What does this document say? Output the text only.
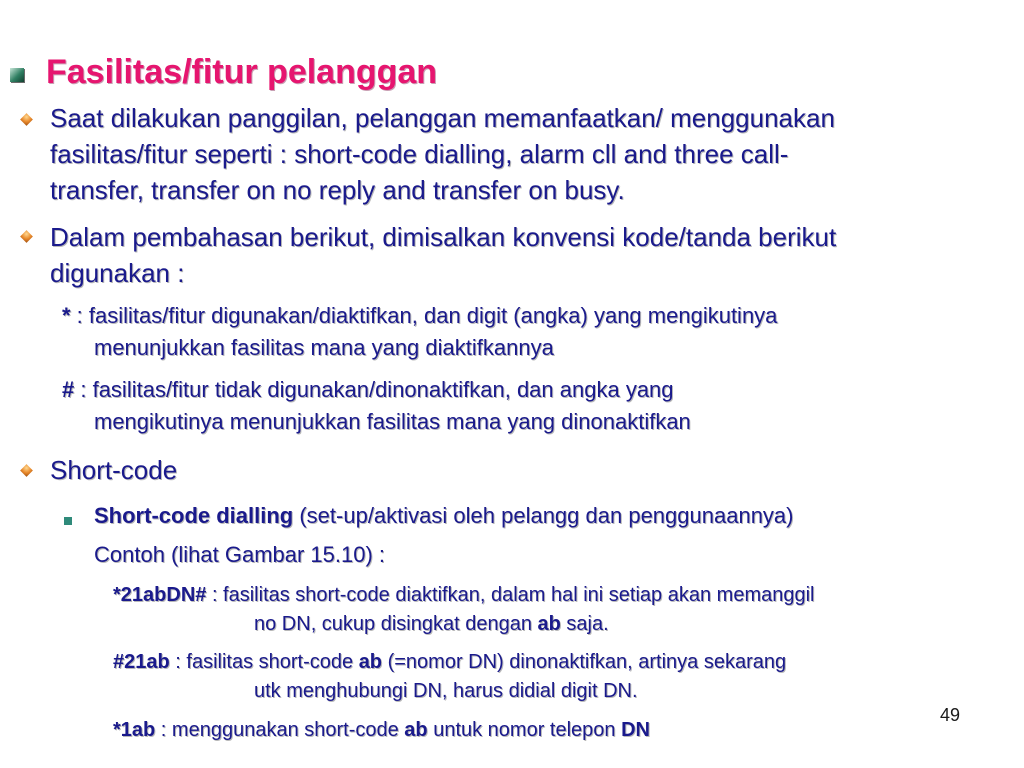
Fasilitas/fitur pelanggan
Saat dilakukan panggilan, pelanggan memanfaatkan/ menggunakan
fasilitas/fitur seperti : short-code dialling, alarm cll and three call-
transfer, transfer on no reply and transfer on busy.
Dalam pembahasan berikut, dimisalkan konvensi kode/tanda berikut
digunakan :
* : fasilitas/fitur digunakan/diaktifkan, dan digit (angka) yang mengikutinya
menunjukkan fasilitas mana yang diaktifkannya
# : fasilitas/fitur tidak digunakan/dinonaktifkan, dan angka yang
mengikutinya menunjukkan fasilitas mana yang dinonaktifkan
Short-code
Short-code dialling (set-up/aktivasi oleh pelangg dan penggunaannya)
Contoh (lihat Gambar 15.10) :
*21abDN# : fasilitas short-code diaktifkan, dalam hal ini setiap akan memanggil
no DN, cukup disingkat dengan ab saja.
#21ab : fasilitas short-code ab (=nomor DN) dinonaktifkan, artinya sekarang
utk menghubungi DN, harus didial digit DN.
*1ab : menggunakan short-code ab untuk nomor telepon DN
49
